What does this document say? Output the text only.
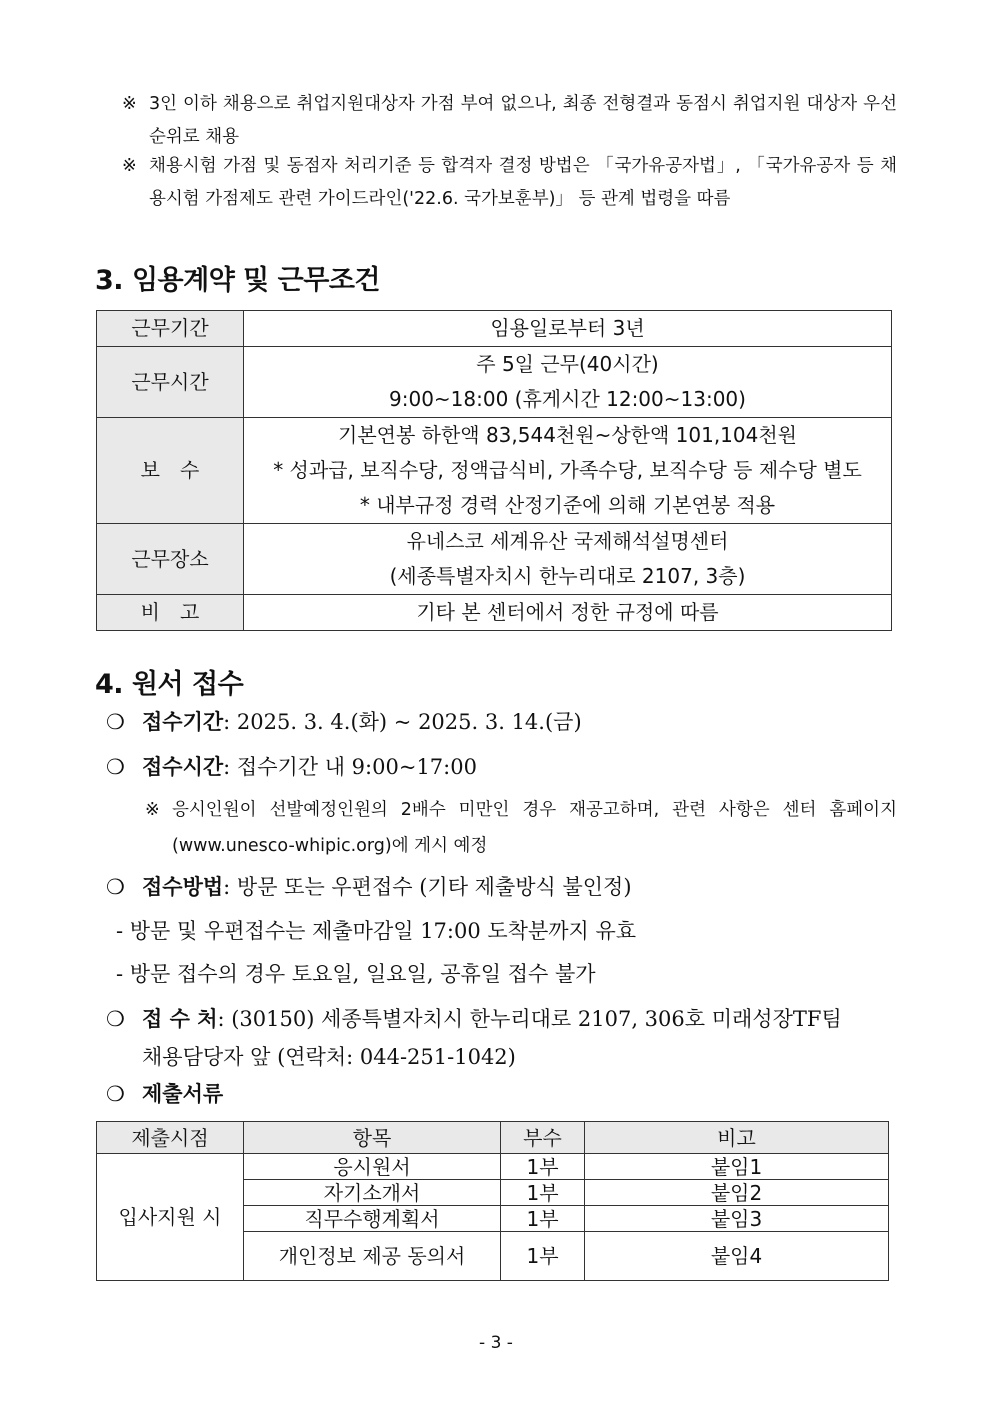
※ 3인 이하 채용으로 취업지원대상자 가점 부여 없으나, 최종 전형결과 동점시 취업지원 대상자 우선순위로 채용
※ 채용시험 가점 및 동점자 처리기준 등 합격자 결정 방법은 「국가유공자법」, 「국가유공자 등 채용시험 가점제도 관련 가이드라인('22.6. 국가보훈부)」 등 관계 법령을 따름
3. 임용계약 및 근무조건
근무기간	임용일로부터 3년

근무시간	주 5일 근무(40시간)
9:00~18:00 (휴게시간 12:00~13:00)

보　수	기본연봉 하한액 83,544천원~상한액 101,104천원
* 성과급, 보직수당, 정액급식비, 가족수당, 보직수당 등 제수당 별도
* 내부규정 경력 산정기준에 의해 기본연봉 적용

근무장소	유네스코 세계유산 국제해석설명센터
(세종특별자치시 한누리대로 2107, 3층)

비　고	기타 본 센터에서 정한 규정에 따름
4. 원서 접수
❍ 접수기간: 2025. 3. 4.(화) ~ 2025. 3. 14.(금)
❍ 접수시간: 접수기간 내 9:00~17:00
※ 응시인원이 선발예정인원의 2배수 미만인 경우 재공고하며, 관련 사항은 센터 홈페이지(www.unesco-whipic.org)에 게시 예정
❍ 접수방법: 방문 또는 우편접수 (기타 제출방식 불인정)
- 방문 및 우편접수는 제출마감일 17:00 도착분까지 유효
- 방문 접수의 경우 토요일, 일요일, 공휴일 접수 불가
❍ 접 수 처: (30150) 세종특별자치시 한누리대로 2107, 306호 미래성장TF팀
채용담당자 앞 (연락처: 044-251-1042)
❍ 제출서류
제출시점	항목	부수	비고
입사지원 시	응시원서	1부	붙임1
	자기소개서	1부	붙임2
	직무수행계획서	1부	붙임3
	개인정보 제공 동의서	1부	붙임4
- 3 -
